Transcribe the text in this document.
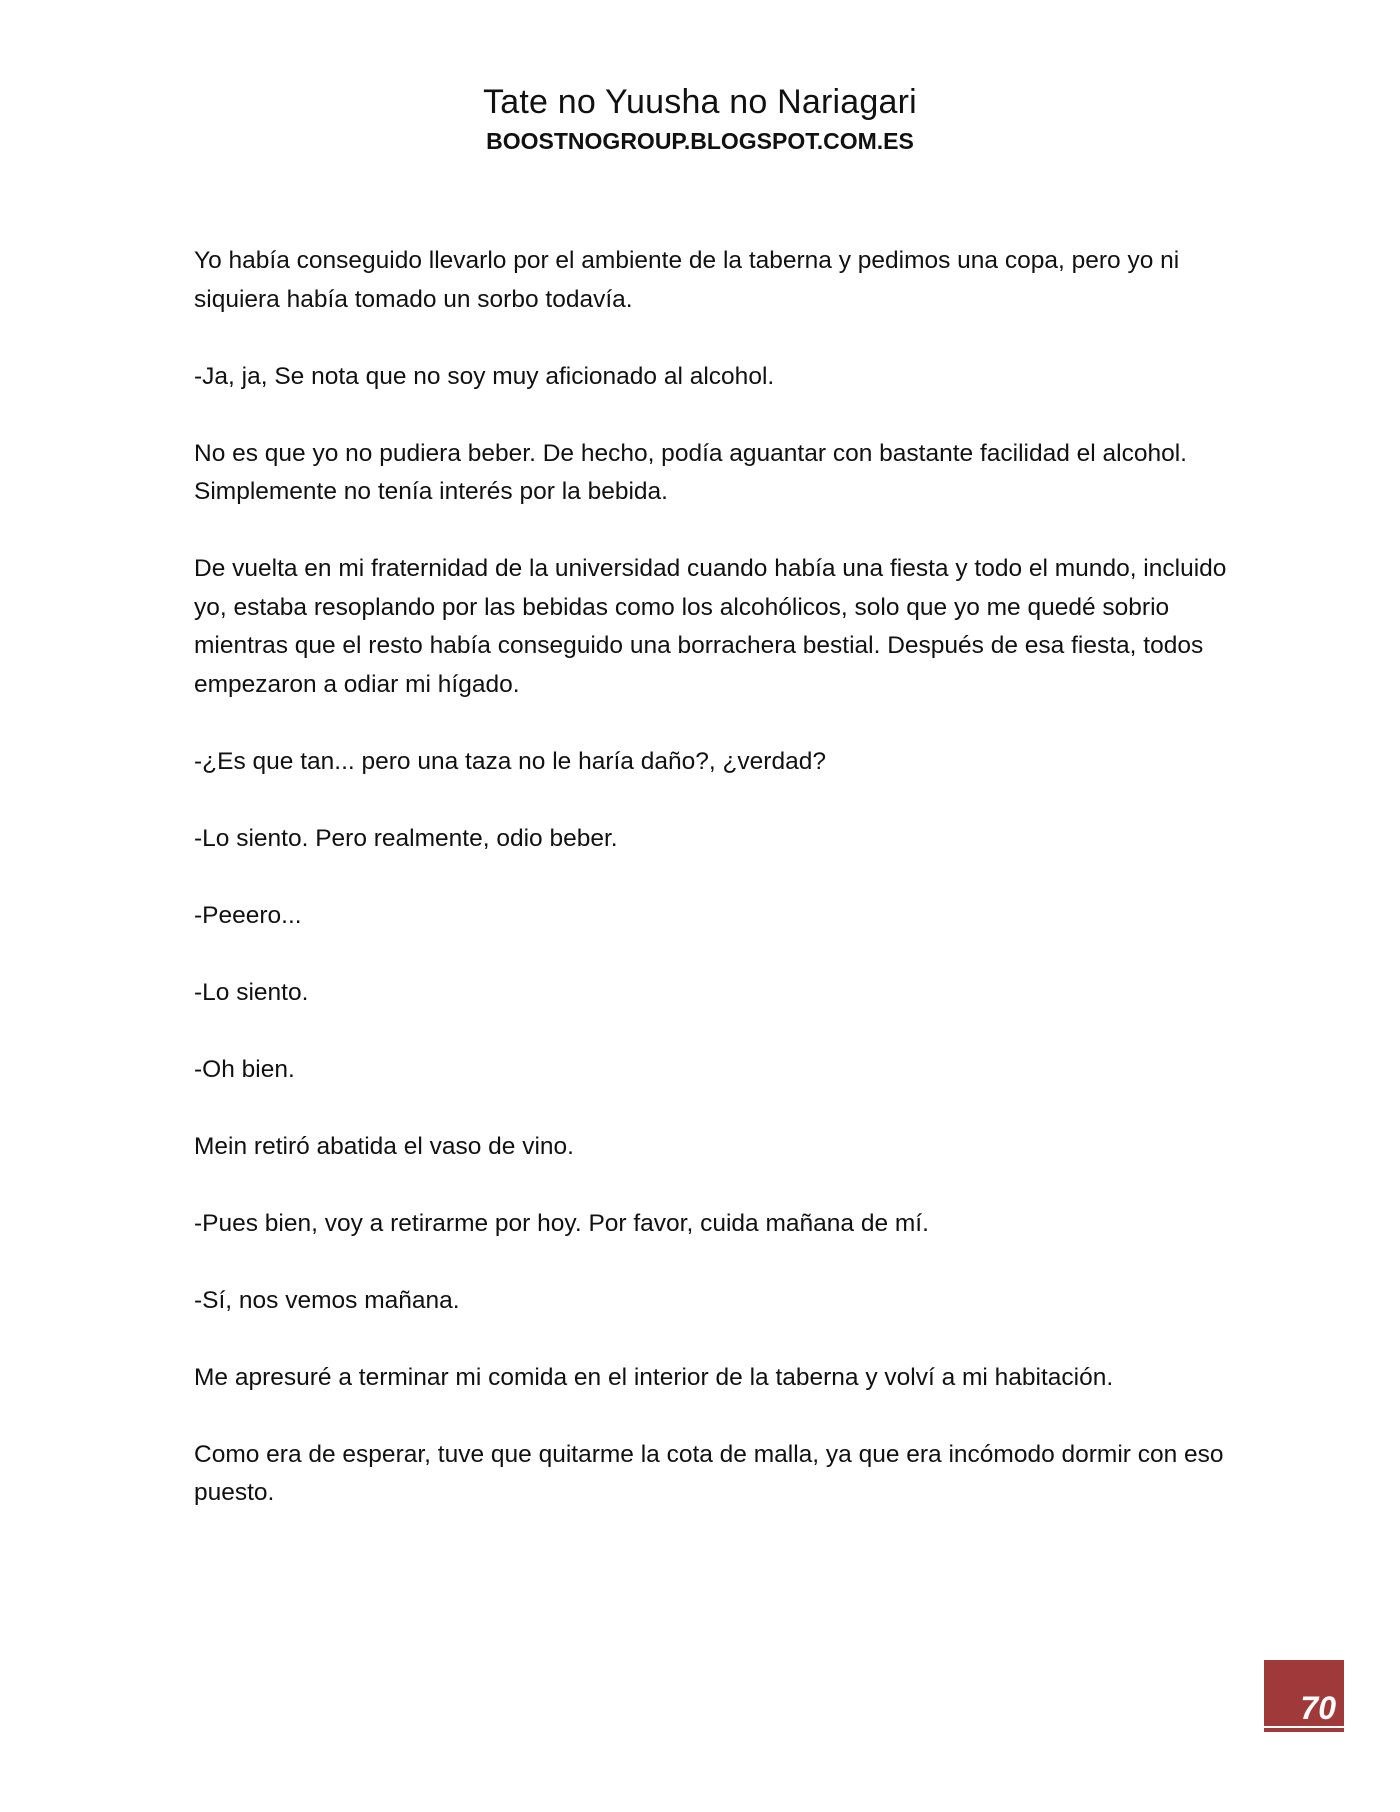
Tate no Yuusha no Nariagari
BOOSTNOGROUP.BLOGSPOT.COM.ES

Yo había conseguido llevarlo por el ambiente de la taberna y pedimos una copa, pero yo ni siquiera había tomado un sorbo todavía.

-Ja, ja, Se nota que no soy muy aficionado al alcohol.

No es que yo no pudiera beber. De hecho, podía aguantar con bastante facilidad el alcohol. Simplemente no tenía interés por la bebida.

De vuelta en mi fraternidad de la universidad cuando había una fiesta y todo el mundo, incluido yo, estaba resoplando por las bebidas como los alcohólicos, solo que yo me quedé sobrio mientras que el resto había conseguido una borrachera bestial. Después de esa fiesta, todos empezaron a odiar mi hígado.

-¿Es que tan... pero una taza no le haría daño?, ¿verdad?

-Lo siento. Pero realmente, odio beber.

-Peeero...

-Lo siento.

-Oh bien.

Mein retiró abatida el vaso de vino.

-Pues bien, voy a retirarme por hoy. Por favor, cuida mañana de mí.

-Sí, nos vemos mañana.

Me apresuré a terminar mi comida en el interior de la taberna y volví a mi habitación.

Como era de esperar, tuve que quitarme la cota de malla, ya que era incómodo dormir con eso puesto.

70
